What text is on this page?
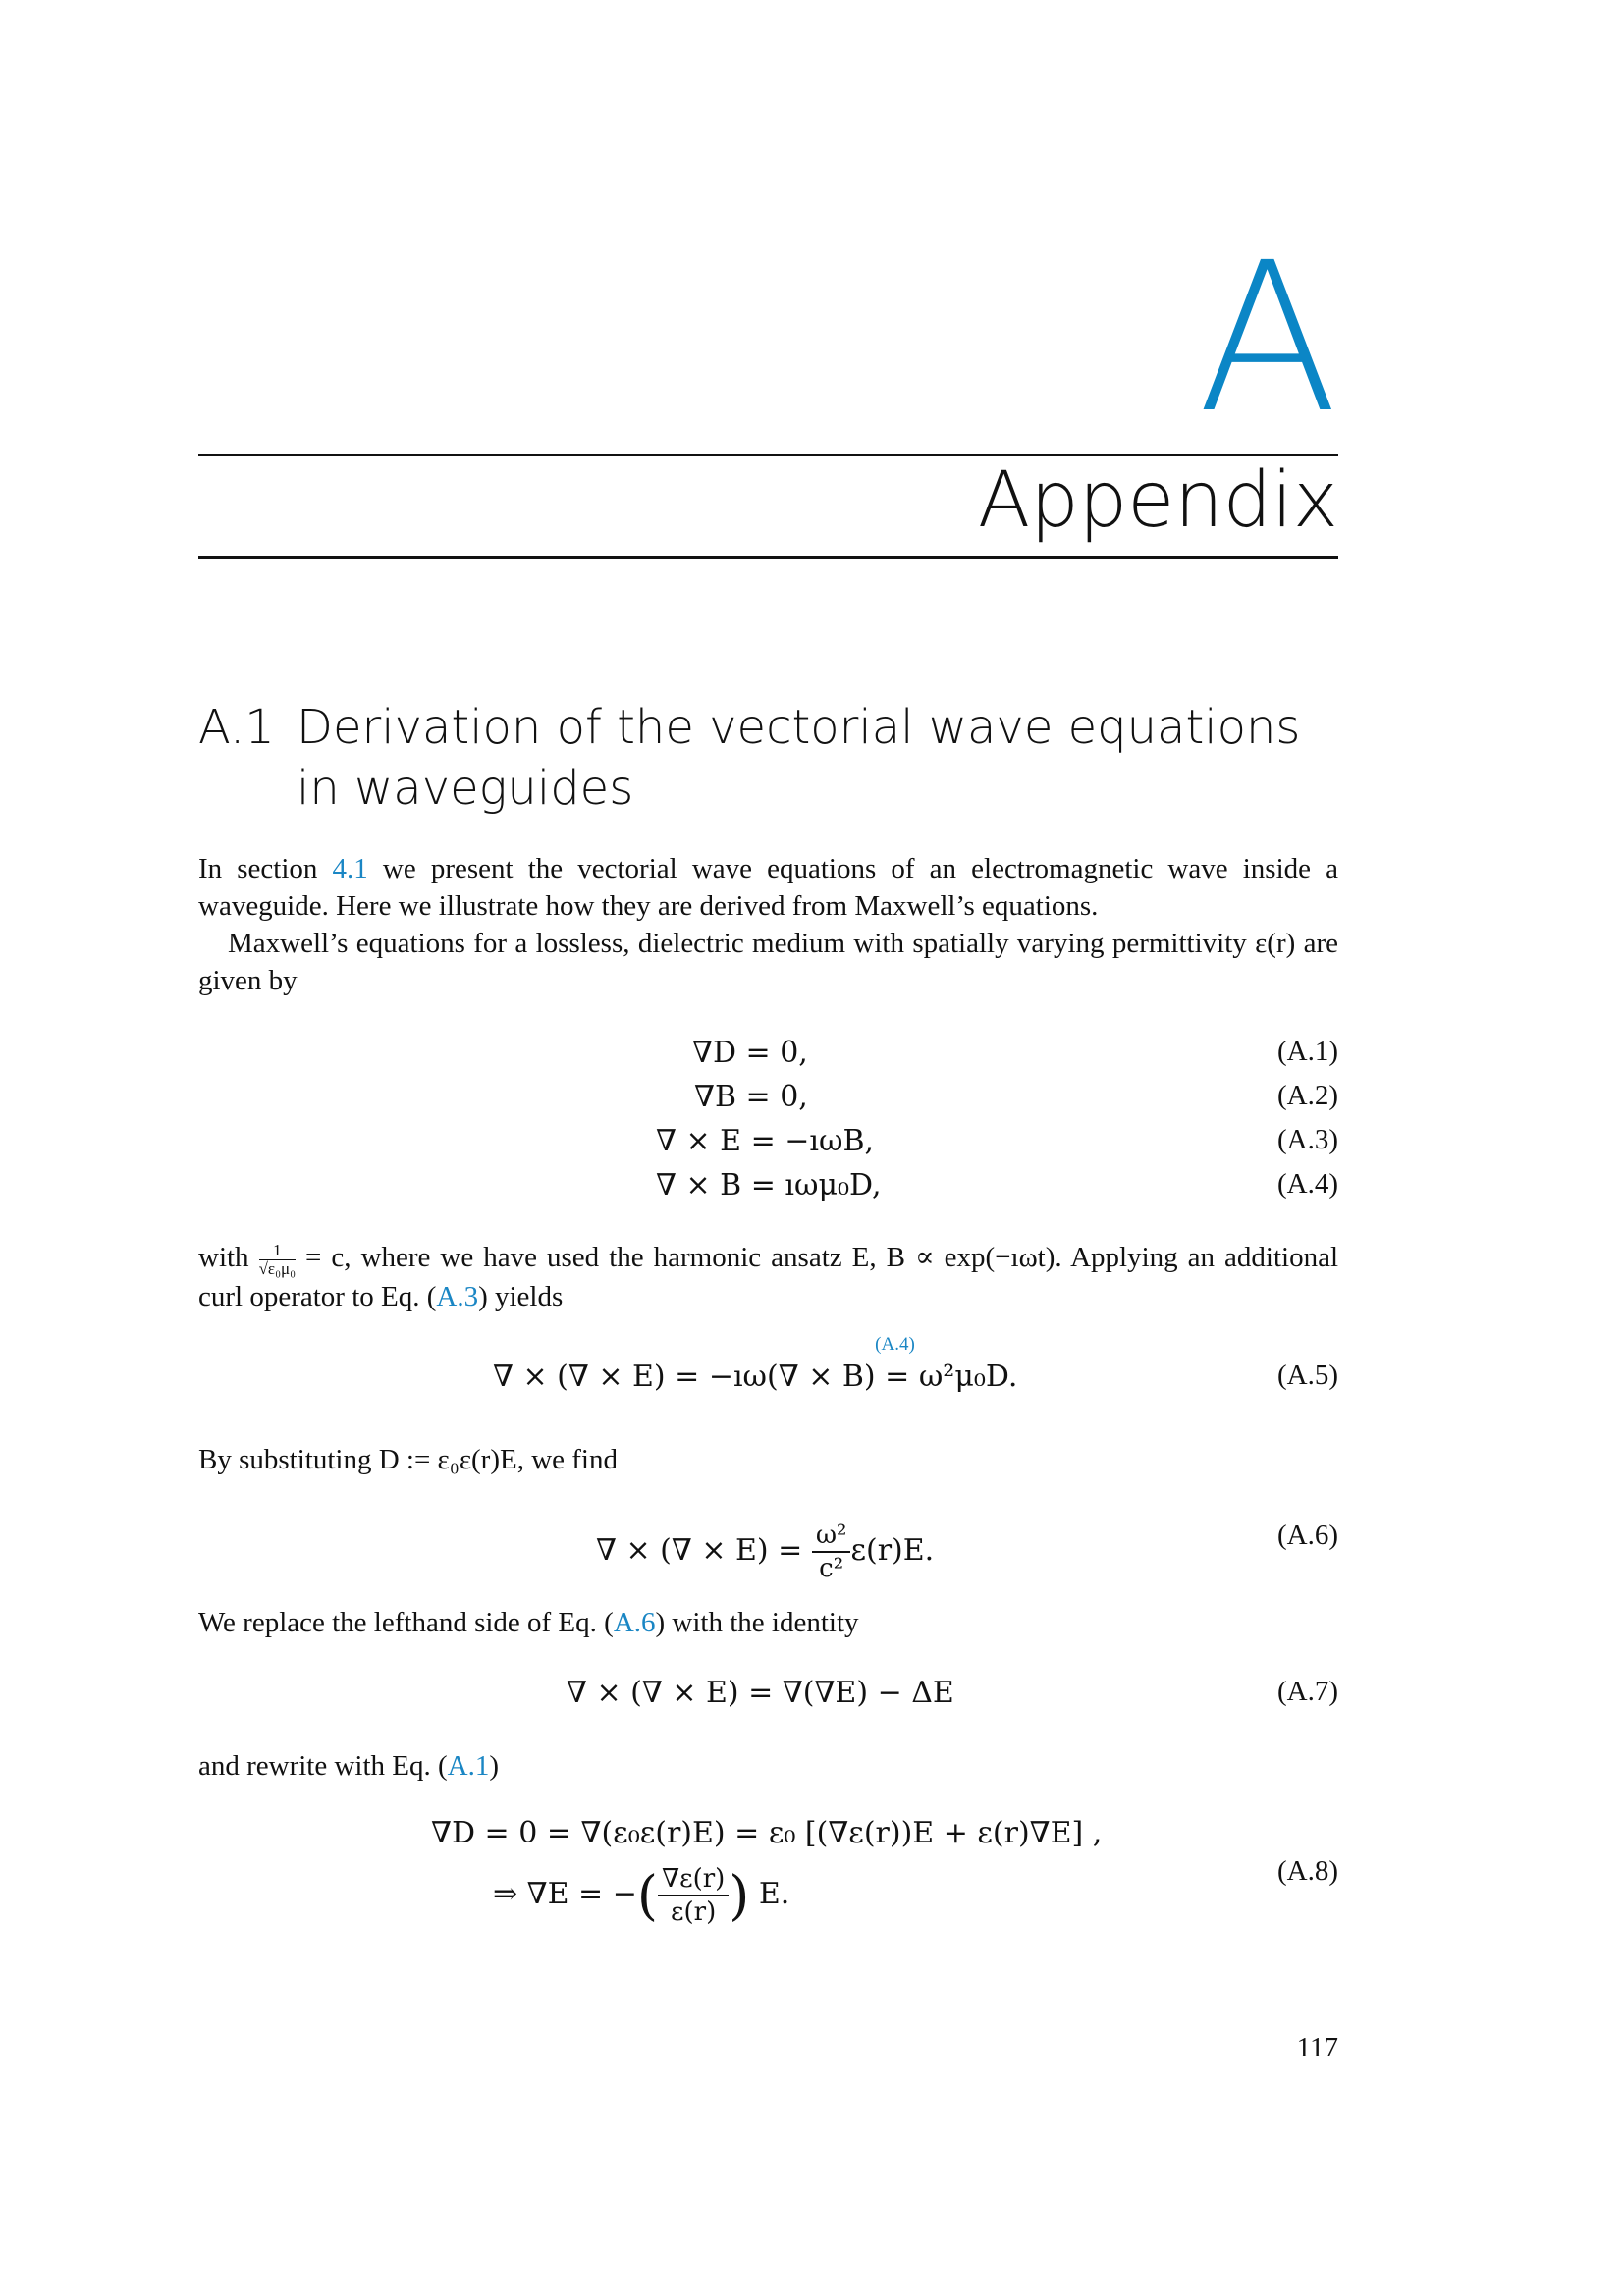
A
Appendix
A.1 Derivation of the vectorial wave equations in waveguides

In section 4.1 we present the vectorial wave equations of an electromagnetic wave inside a waveguide. Here we illustrate how they are derived from Maxwell’s equations.

Maxwell’s equations for a lossless, dielectric medium with spatially varying permittivity ε(r) are given by

∇D = 0,	(A.1)
∇B = 0,	(A.2)
∇ × E = −ıωB,	(A.3)
∇ × B = ıωμ₀D,	(A.4)

with $\frac{1}{\text{√ε₀μ₀}} = c$, where we have used the harmonic ansatz E, B ∝ exp(−ıωt). Applying an additional curl operator to Eq. (A.3) yields

∇ × (∇ × E) = −ıω(∇ × B)
(A.4)
= ω²μ₀D.	(A.5)

By substituting D := ε₀ε(r)E, we find

∇ × (∇ × $E) = \frac{\text{ω²}}{\text{c²}} \varepsilon(r)E$.	(A.6)

We replace the lefthand side of Eq. (A.6) with the identity

∇ × (∇ × E) = ∇(∇E) − ΔE	(A.7)

and rewrite with Eq. (A.1)

∇D = 0 = ∇(ε₀ε(r)E) = ε₀ [(∇ε(r))E + ε(r)∇E] ,
⇒ ∇E = −( $\frac{\nabla\varepsilon(r)}{\varepsilon(r)}$ ) E.
(A.8)
117
